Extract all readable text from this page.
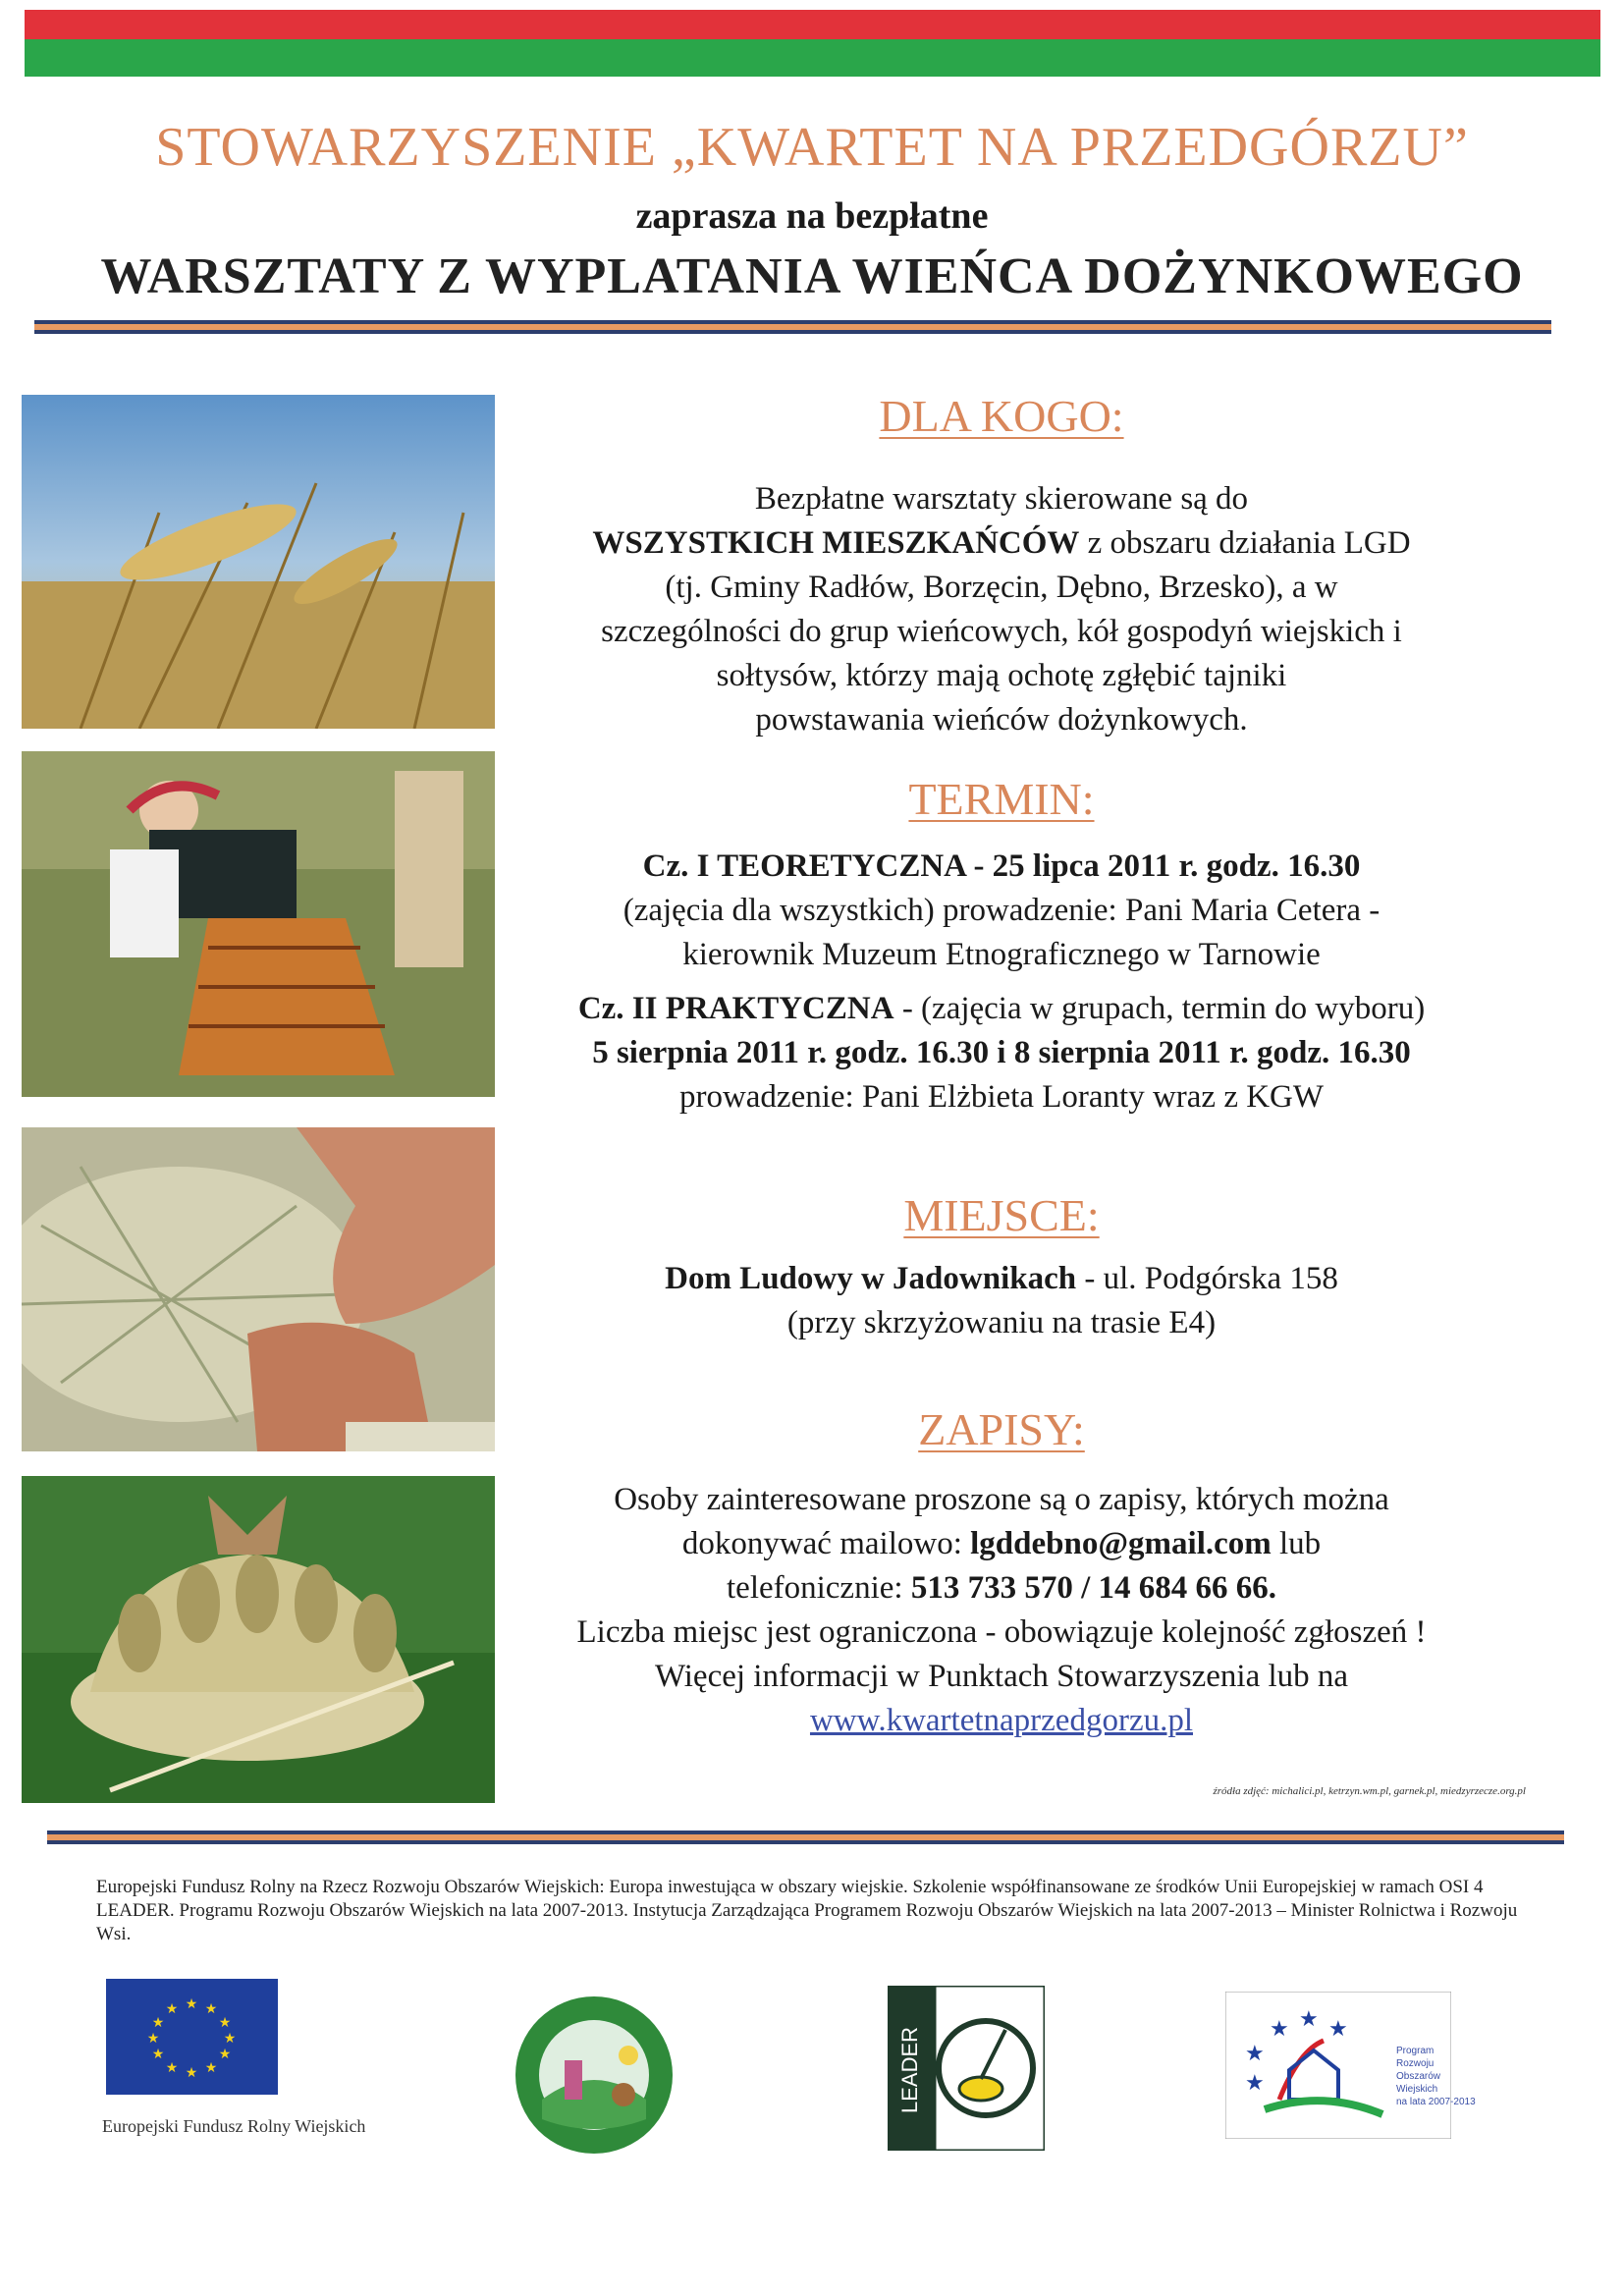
STOWARZYSZENIE „KWARTET NA PRZEDGÓRZU”
zaprasza na bezpłatne
WARSZTATY Z WYPLATANIA WIEŃCA DOŻYNKOWEGO
DLA KOGO:
Bezpłatne warsztaty skierowane są do
WSZYSTKICH MIESZKAŃCÓW z obszaru działania LGD
(tj. Gminy Radłów, Borzęcin, Dębno, Brzesko), a w
szczególności do grup wieńcowych, kół gospodyń wiejskich i
sołtysów, którzy mają ochotę zgłębić tajniki
powstawania wieńców dożynkowych.
TERMIN:
Cz. I TEORETYCZNA - 25 lipca 2011 r. godz. 16.30
(zajęcia dla wszystkich) prowadzenie: Pani Maria Cetera -
kierownik Muzeum Etnograficznego w Tarnowie
Cz. II PRAKTYCZNA - (zajęcia w grupach, termin do wyboru)
5 sierpnia 2011 r. godz. 16.30 i 8 sierpnia 2011 r. godz. 16.30
prowadzenie: Pani Elżbieta Loranty wraz z KGW
MIEJSCE:
Dom Ludowy w Jadownikach - ul. Podgórska 158
(przy skrzyżowaniu na trasie E4)
ZAPISY:
Osoby zainteresowane proszone są o zapisy, których można
dokonywać mailowo: lgddebno@gmail.com lub
telefonicznie: 513 733 570 / 14 684 66 66.
Liczba miejsc jest ograniczona - obowiązuje kolejność zgłoszeń !
Więcej informacji w Punktach Stowarzyszenia lub na
www.kwartetnaprzedgorzu.pl
źródła zdjęć: michalici.pl, ketrzyn.wm.pl, garnek.pl, miedzyrzecze.org.pl
Europejski Fundusz Rolny na Rzecz Rozwoju Obszarów Wiejskich: Europa inwestująca w obszary wiejskie. Szkolenie współfinansowane ze środków Unii Europejskiej w ramach OSI 4 LEADER. Programu Rozwoju Obszarów Wiejskich na lata 2007-2013. Instytucja Zarządzająca Programem Rozwoju Obszarów Wiejskich na lata 2007-2013 – Minister Rolnictwa i Rozwoju Wsi.
★ ★
★
★
★
★
★
★
★
★
★
★
Europejski Fundusz Rolny Wiejskich
LEADER	★
★ ★ ★
★
Program
Rozwoju
Obszarów
Wiejskich
na lata 2007-2013
